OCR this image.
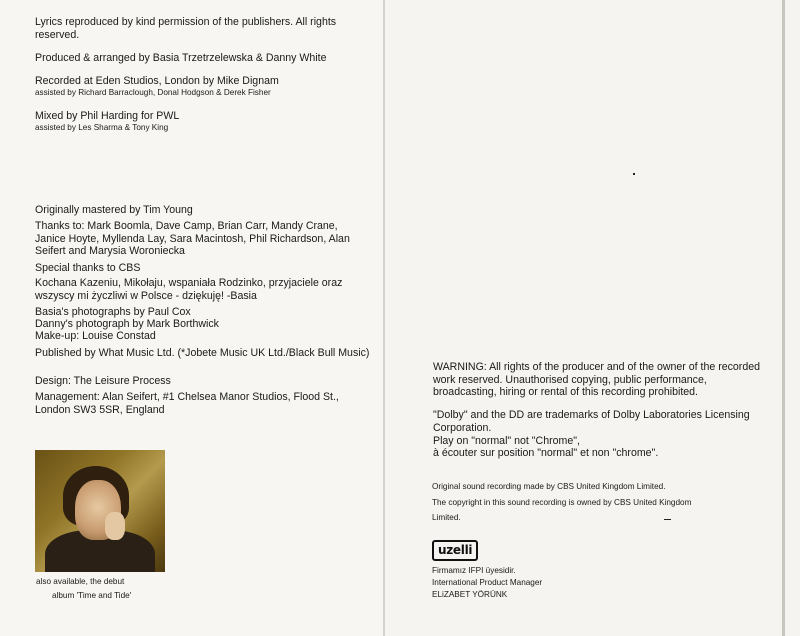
Lyrics reproduced by kind permission of the publishers. All rights reserved.
Produced & arranged by Basia Trzetrzelewska & Danny White
Recorded at Eden Studios, London by Mike Dignam
assisted by Richard Barraclough, Donal Hodgson & Derek Fisher
Mixed by Phil Harding for PWL
assisted by Les Sharma & Tony King
Originally mastered by Tim Young
Thanks to: Mark Boomla, Dave Camp, Brian Carr, Mandy Crane, Janice Hoyte, Myllenda Lay, Sara Macintosh, Phil Richardson, Alan Seifert and Marysia Woroniecka
Special thanks to CBS
Kochana Kazeniu, Mikołaju, wspaniała Rodzinko, przyjaciele oraz wszyscy mi życzliwi w Polsce - dziękuję! -Basia
Basia's photographs by Paul Cox
Danny's photograph by Mark Borthwick
Make-up: Louise Constad
Published by What Music Ltd. (*Jobete Music UK Ltd./Black Bull Music)
Design: The Leisure Process
Management: Alan Seifert, #1 Chelsea Manor Studios, Flood St., London SW3 5SR, England
also available, the debut
album 'Time and Tide'
WARNING: All rights of the producer and of the owner of the recorded work reserved. Unauthorised copying, public performance, broadcasting, hiring or rental of this recording prohibited.
"Dolby" and the DD are trademarks of Dolby Laboratories Licensing Corporation.
Play on "normal" not "Chrome",
à écouter sur position "normal" et non "chrome".
Original sound recording made by CBS United Kingdom Limited.
The copyright in this sound recording is owned by CBS United Kingdom Limited.
uzelli
Firmamız IFPI üyesidir.
International Product Manager
ELiZABET YÖRÜNK
